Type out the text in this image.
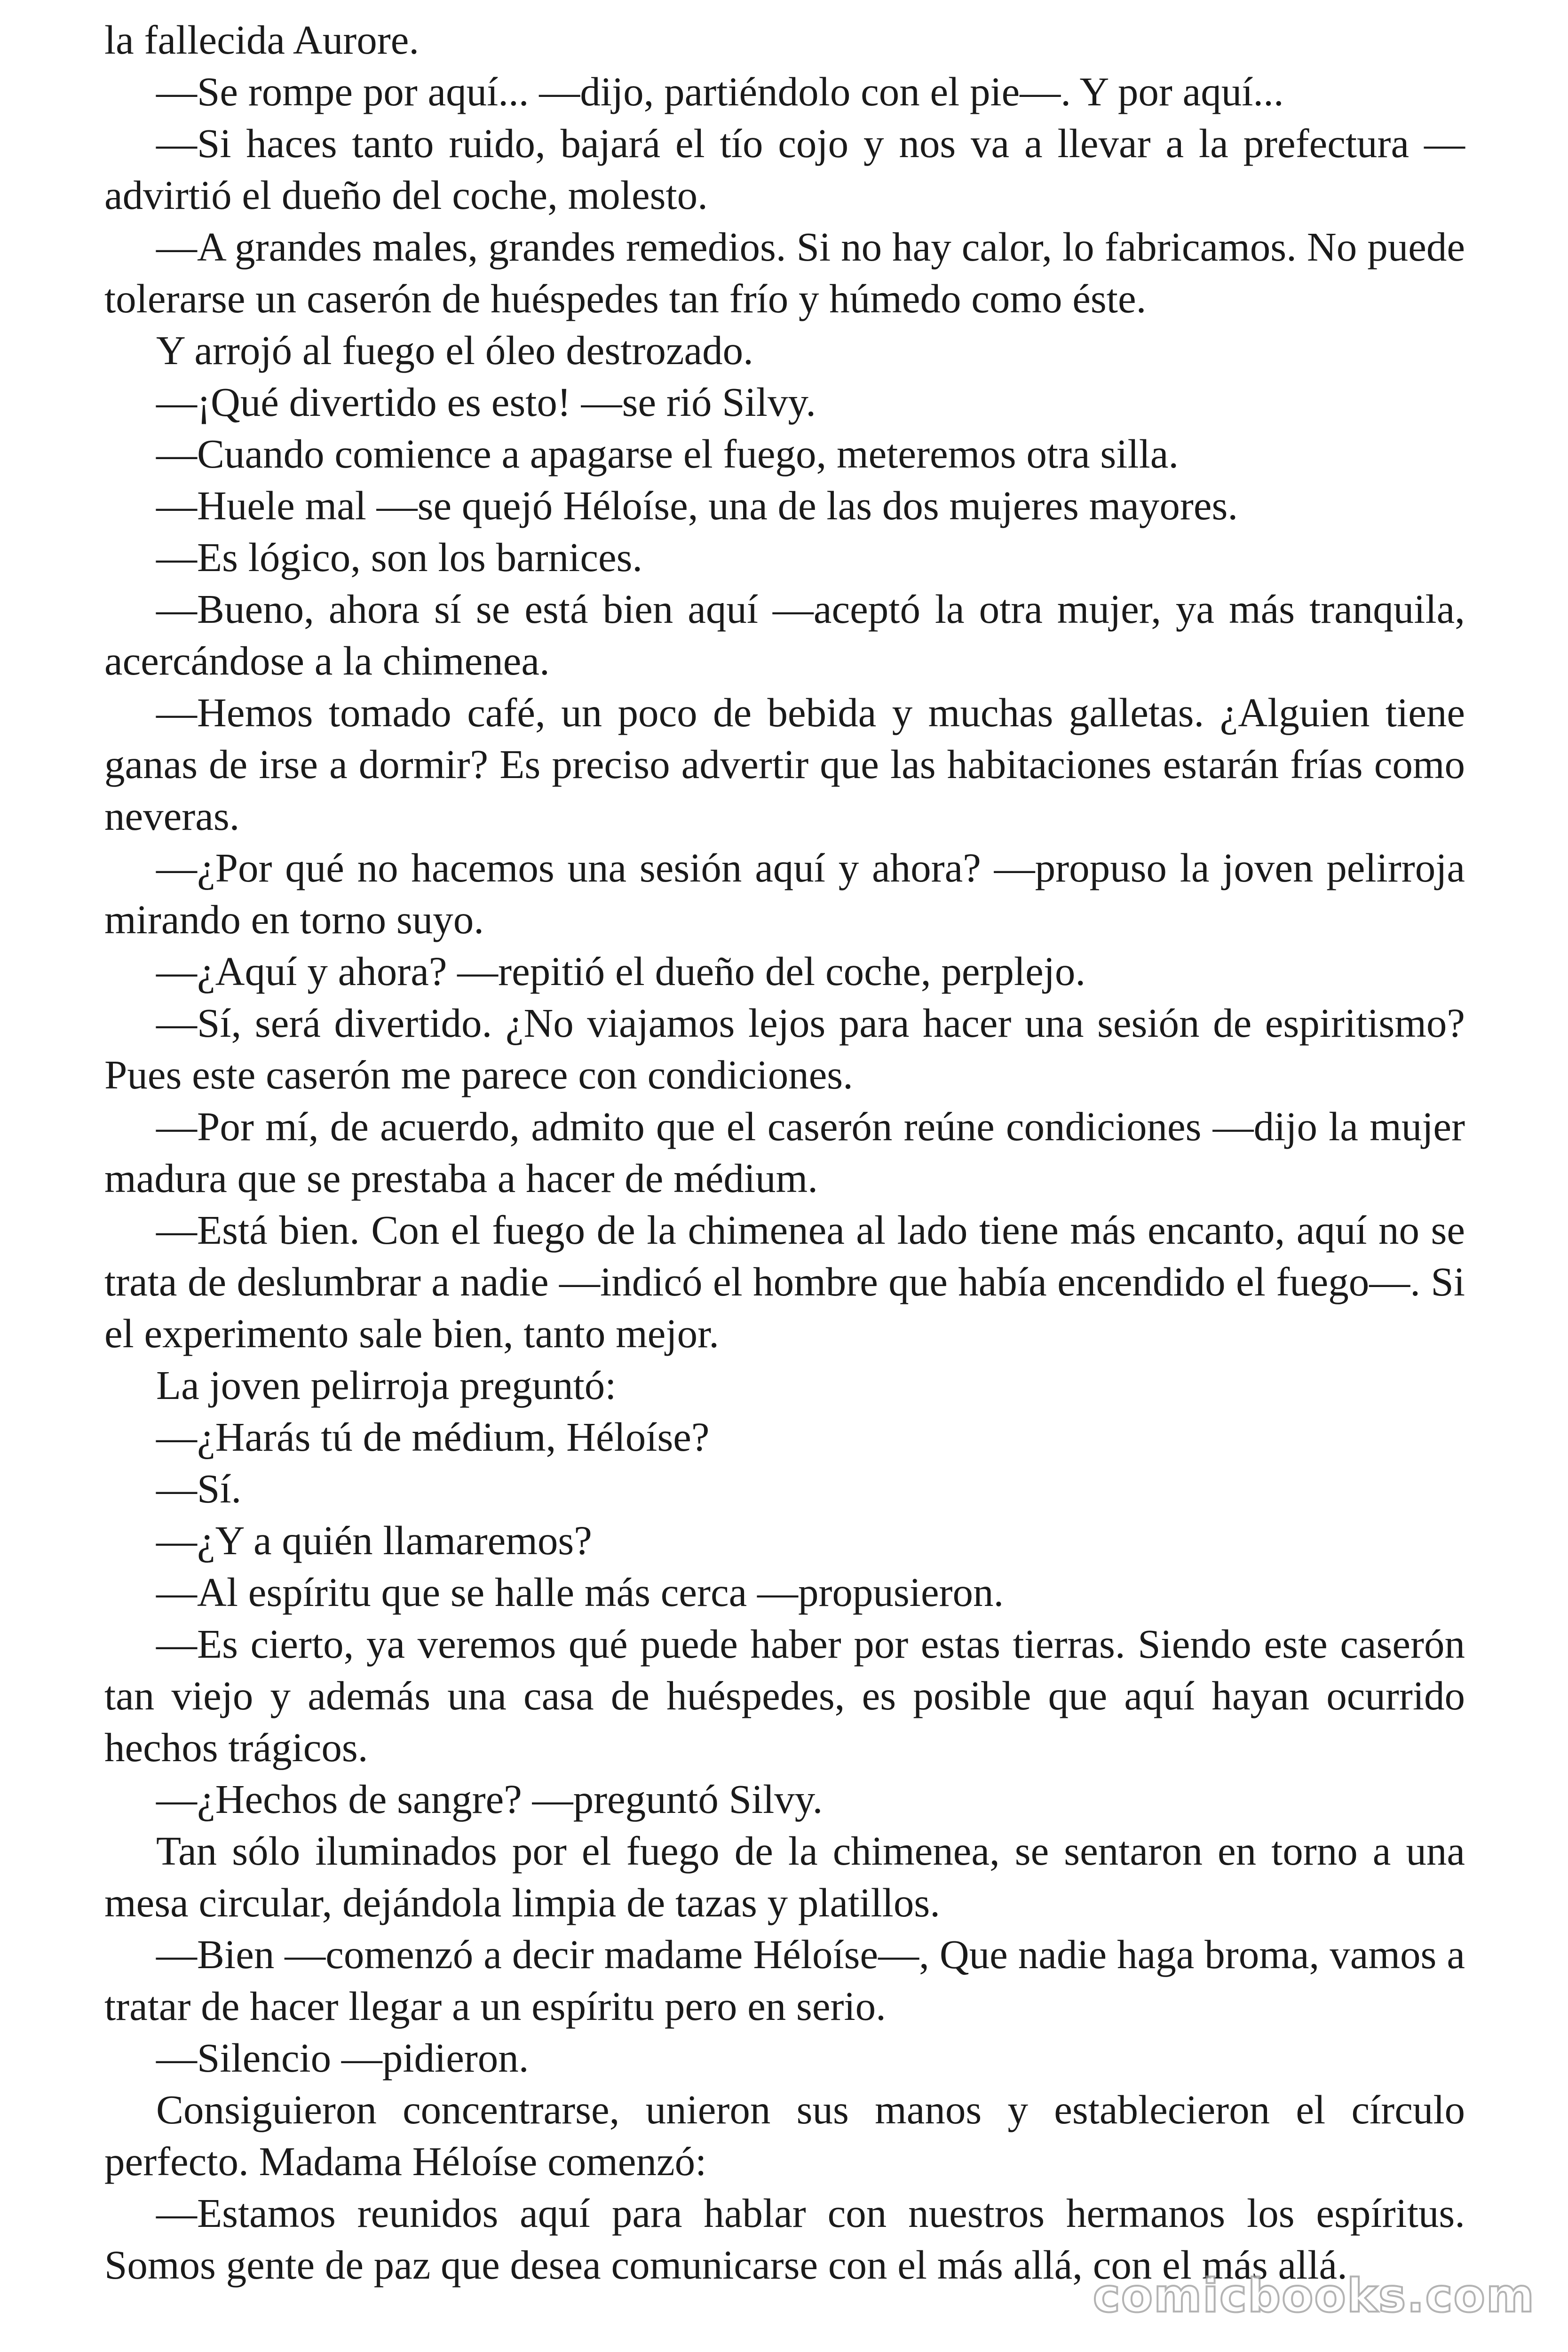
la fallecida Aurore.

—Se rompe por aquí... —dijo, partiéndolo con el pie—. Y por aquí...

—Si haces tanto ruido, bajará el tío cojo y nos va a llevar a la prefectura —advirtió el dueño del coche, molesto.

—A grandes males, grandes remedios. Si no hay calor, lo fabricamos. No puede tolerarse un caserón de huéspedes tan frío y húmedo como éste.

Y arrojó al fuego el óleo destrozado.

—¡Qué divertido es esto! —se rió Silvy.

—Cuando comience a apagarse el fuego, meteremos otra silla.

—Huele mal —se quejó Héloíse, una de las dos mujeres mayores.

—Es lógico, son los barnices.

—Bueno, ahora sí se está bien aquí —aceptó la otra mujer, ya más tranquila, acercándose a la chimenea.

—Hemos tomado café, un poco de bebida y muchas galletas. ¿Alguien tiene ganas de irse a dormir? Es preciso advertir que las habitaciones estarán frías como neveras.

—¿Por qué no hacemos una sesión aquí y ahora? —propuso la joven pelirroja mirando en torno suyo.

—¿Aquí y ahora? —repitió el dueño del coche, perplejo.

—Sí, será divertido. ¿No viajamos lejos para hacer una sesión de espiritismo? Pues este caserón me parece con condiciones.

—Por mí, de acuerdo, admito que el caserón reúne condiciones —dijo la mujer madura que se prestaba a hacer de médium.

—Está bien. Con el fuego de la chimenea al lado tiene más encanto, aquí no se trata de deslumbrar a nadie —indicó el hombre que había encendido el fuego—. Si el experimento sale bien, tanto mejor.

La joven pelirroja preguntó:

—¿Harás tú de médium, Héloíse?

—Sí.

—¿Y a quién llamaremos?

—Al espíritu que se halle más cerca —propusieron.

—Es cierto, ya veremos qué puede haber por estas tierras. Siendo este caserón tan viejo y además una casa de huéspedes, es posible que aquí hayan ocurrido hechos trágicos.

—¿Hechos de sangre? —preguntó Silvy.

Tan sólo iluminados por el fuego de la chimenea, se sentaron en torno a una mesa circular, dejándola limpia de tazas y platillos.

—Bien —comenzó a decir madame Héloíse—, Que nadie haga broma, vamos a tratar de hacer llegar a un espíritu pero en serio.

—Silencio —pidieron.

Consiguieron concentrarse, unieron sus manos y establecieron el círculo perfecto. Madama Héloíse comenzó:

—Estamos reunidos aquí para hablar con nuestros hermanos los espíritus. Somos gente de paz que desea comunicarse con el más allá, con el más allá.

comicbooks.com
